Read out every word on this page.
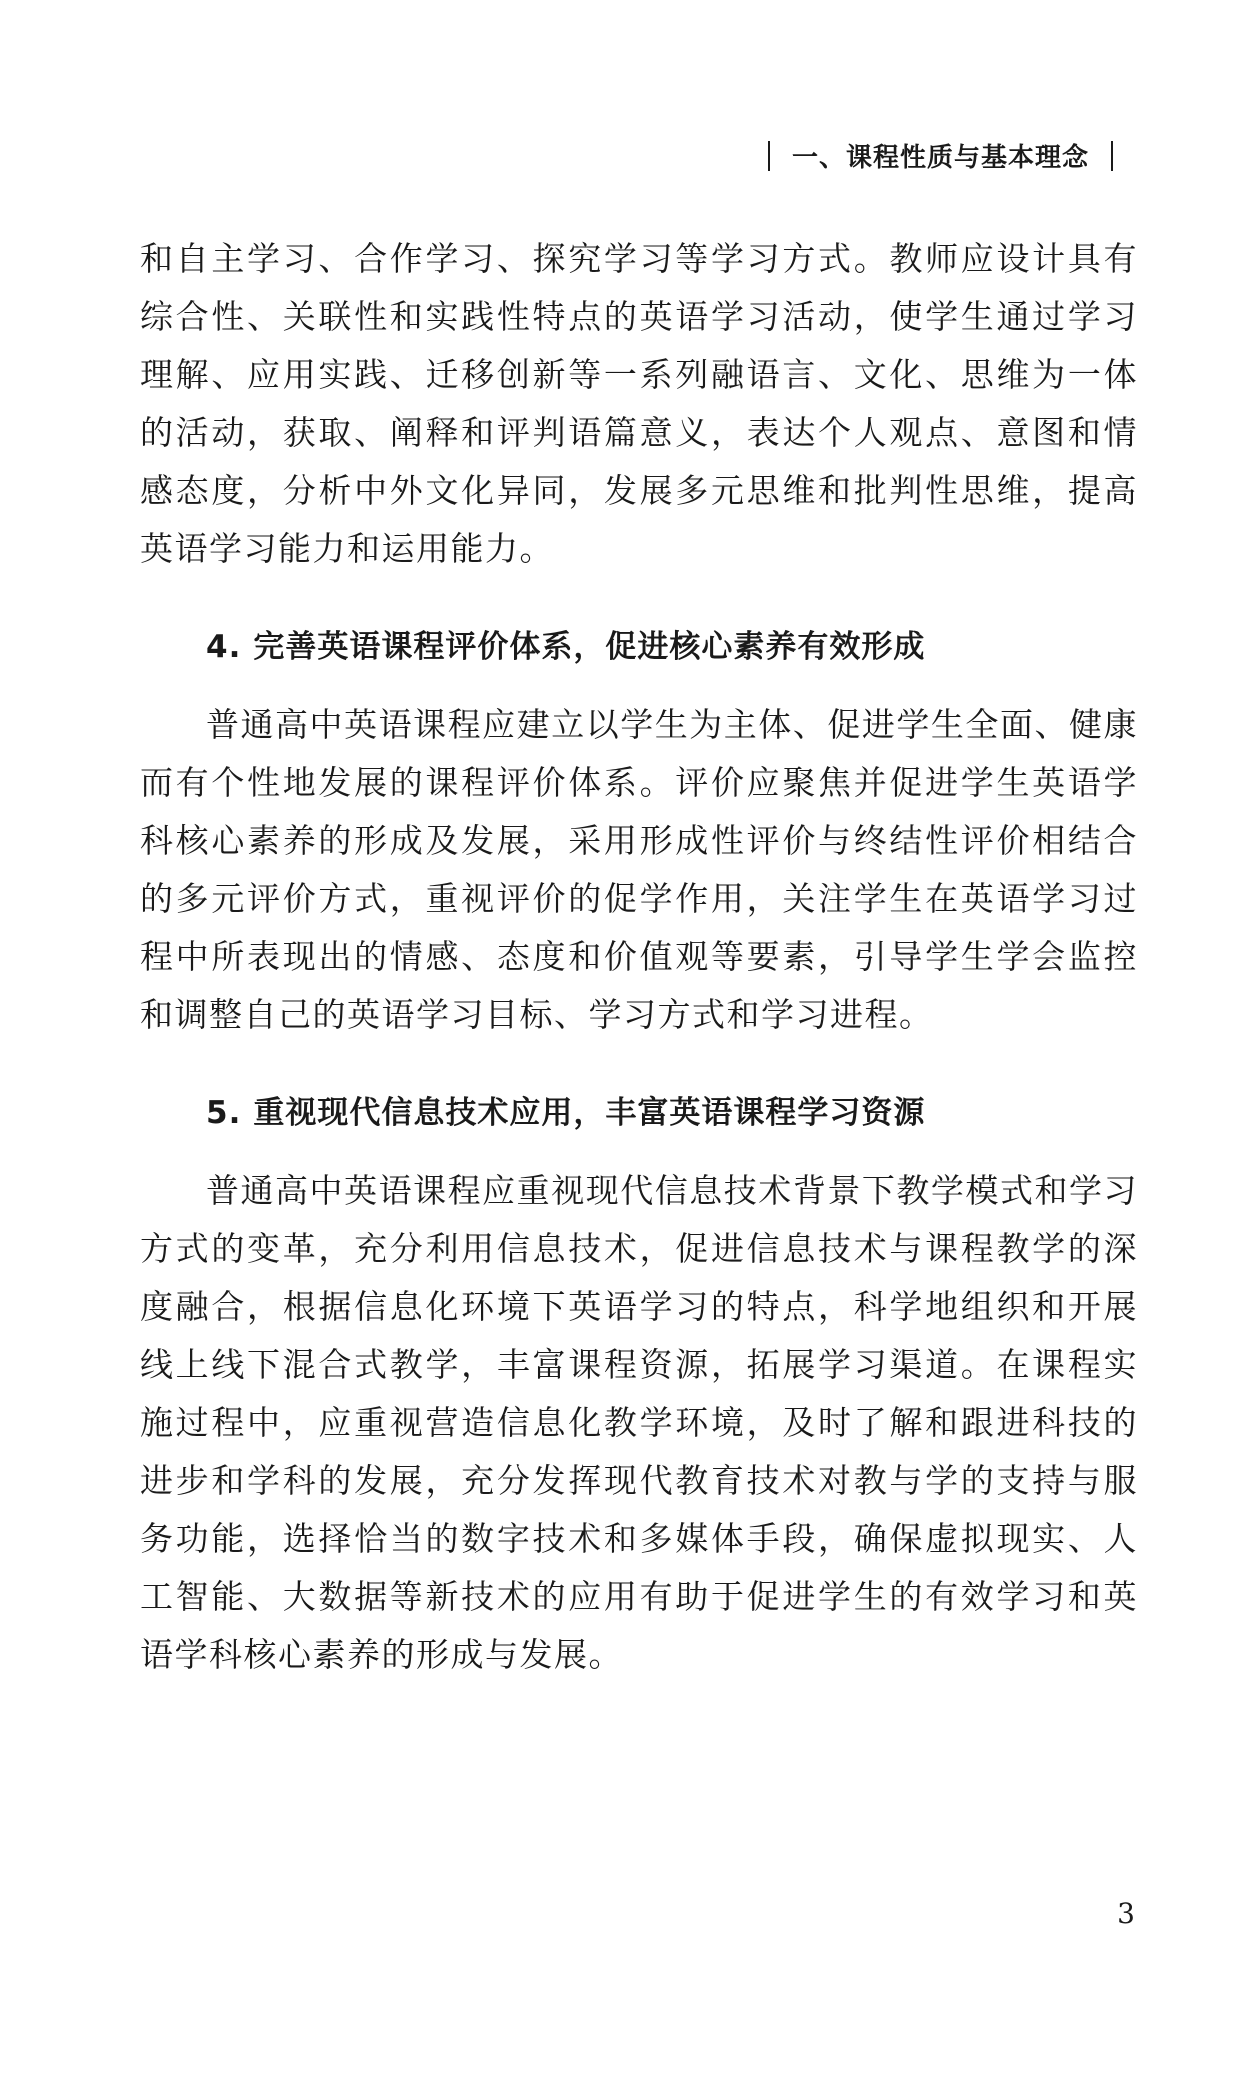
一、课程性质与基本理念

和自主学习、合作学习、探究学习等学习方式。教师应设计具有综合性、关联性和实践性特点的英语学习活动，使学生通过学习理解、应用实践、迁移创新等一系列融语言、文化、思维为一体的活动，获取、阐释和评判语篇意义，表达个人观点、意图和情感态度，分析中外文化异同，发展多元思维和批判性思维，提高英语学习能力和运用能力。

4. 完善英语课程评价体系，促进核心素养有效形成

普通高中英语课程应建立以学生为主体、促进学生全面、健康而有个性地发展的课程评价体系。评价应聚焦并促进学生英语学科核心素养的形成及发展，采用形成性评价与终结性评价相结合的多元评价方式，重视评价的促学作用，关注学生在英语学习过程中所表现出的情感、态度和价值观等要素，引导学生学会监控和调整自己的英语学习目标、学习方式和学习进程。

5. 重视现代信息技术应用，丰富英语课程学习资源

普通高中英语课程应重视现代信息技术背景下教学模式和学习方式的变革，充分利用信息技术，促进信息技术与课程教学的深度融合，根据信息化环境下英语学习的特点，科学地组织和开展线上线下混合式教学，丰富课程资源，拓展学习渠道。在课程实施过程中，应重视营造信息化教学环境，及时了解和跟进科技的进步和学科的发展，充分发挥现代教育技术对教与学的支持与服务功能，选择恰当的数字技术和多媒体手段，确保虚拟现实、人工智能、大数据等新技术的应用有助于促进学生的有效学习和英语学科核心素养的形成与发展。

3
